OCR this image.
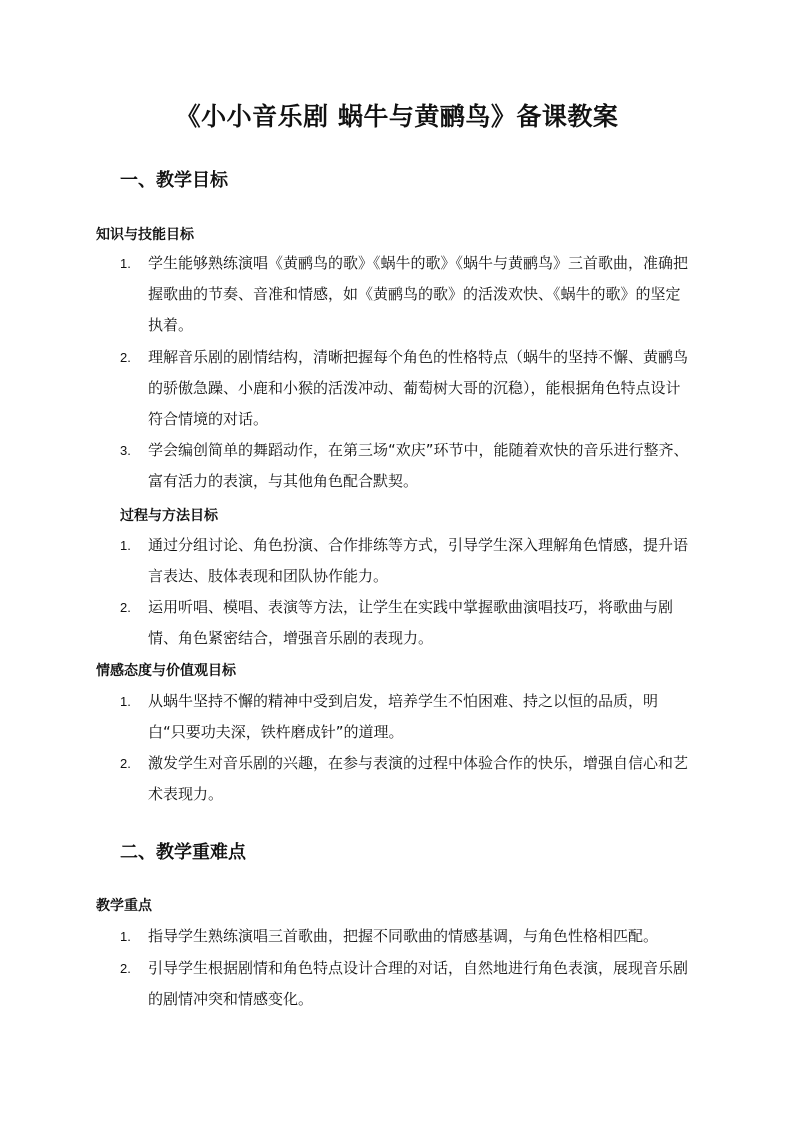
《小小音乐剧 蜗牛与黄鹂鸟》备课教案
一、教学目标
知识与技能目标
1. 学生能够熟练演唱《黄鹂鸟的歌》《蜗牛的歌》《蜗牛与黄鹂鸟》三首歌曲，准确把握歌曲的节奏、音准和情感，如《黄鹂鸟的歌》的活泼欢快、《蜗牛的歌》的坚定执着。
2. 理解音乐剧的剧情结构，清晰把握每个角色的性格特点（蜗牛的坚持不懈、黄鹂鸟的骄傲急躁、小鹿和小猴的活泼冲动、葡萄树大哥的沉稳），能根据角色特点设计符合情境的对话。
3. 学会编创简单的舞蹈动作，在第三场“欢庆”环节中，能随着欢快的音乐进行整齐、富有活力的表演，与其他角色配合默契。
过程与方法目标
1. 通过分组讨论、角色扮演、合作排练等方式，引导学生深入理解角色情感，提升语言表达、肢体表现和团队协作能力。
2. 运用听唱、模唱、表演等方法，让学生在实践中掌握歌曲演唱技巧，将歌曲与剧情、角色紧密结合，增强音乐剧的表现力。
情感态度与价值观目标
1. 从蜗牛坚持不懈的精神中受到启发，培养学生不怕困难、持之以恒的品质，明白“只要功夫深，铁杵磨成针”的道理。
2. 激发学生对音乐剧的兴趣，在参与表演的过程中体验合作的快乐，增强自信心和艺术表现力。
二、教学重难点
教学重点
1. 指导学生熟练演唱三首歌曲，把握不同歌曲的情感基调，与角色性格相匹配。
2. 引导学生根据剧情和角色特点设计合理的对话，自然地进行角色表演，展现音乐剧的剧情冲突和情感变化。
